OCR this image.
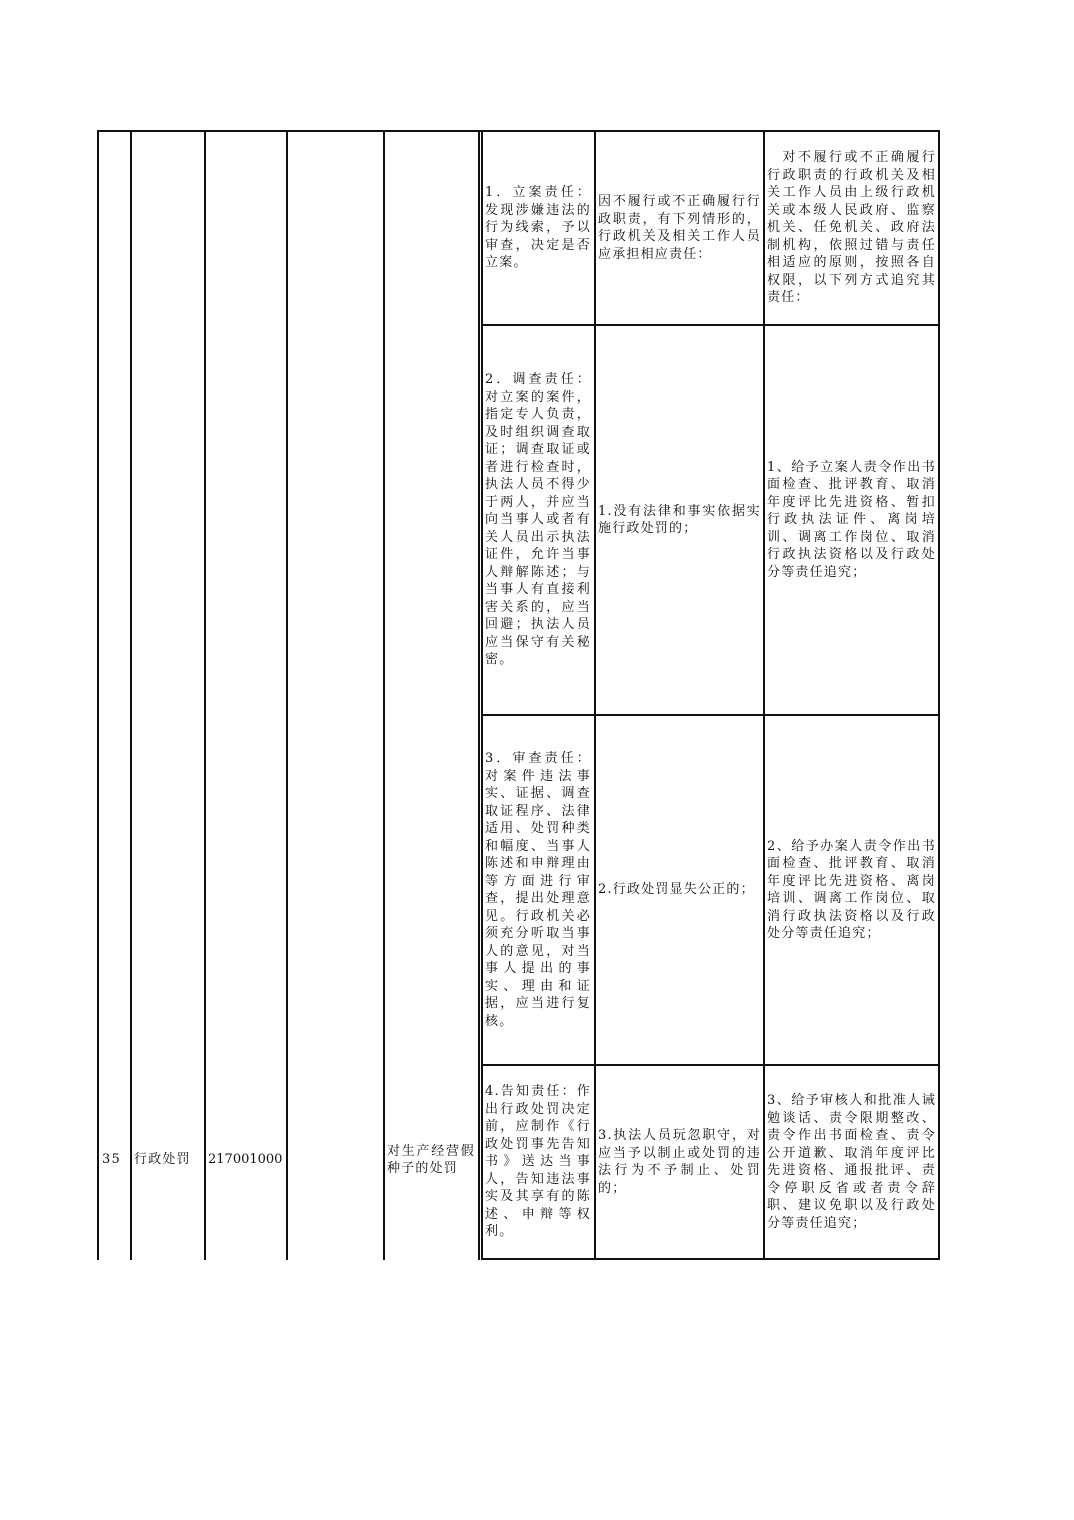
35	行政处罚	217001000
对生产经营假种子的处罚
1．立案责任：发现涉嫌违法的行为线索，予以审查，决定是否立案。
因不履行或不正确履行行政职责，有下列情形的，行政机关及相关工作人员应承担相应责任：
　对不履行或不正确履行行政职责的行政机关及相关工作人员由上级行政机关或本级人民政府、监察机关、任免机关、政府法制机构，依照过错与责任相适应的原则，按照各自权限，以下列方式追究其责任：
2．调查责任：对立案的案件，指定专人负责，及时组织调查取证；调查取证或者进行检查时，执法人员不得少于两人，并应当向当事人或者有关人员出示执法证件，允许当事人辩解陈述；与当事人有直接利害关系的，应当回避；执法人员应当保守有关秘密。
1.没有法律和事实依据实施行政处罚的；
1、给予立案人责令作出书面检查、批评教育、取消年度评比先进资格、暂扣行政执法证件、离岗培训、调离工作岗位、取消行政执法资格以及行政处分等责任追究；
3．审查责任：对案件违法事实、证据、调查取证程序、法律适用、处罚种类和幅度、当事人陈述和申辩理由等方面进行审查，提出处理意见。行政机关必须充分听取当事人的意见，对当事人提出的事实、理由和证据，应当进行复核。
2.行政处罚显失公正的；
2、给予办案人责令作出书面检查、批评教育、取消年度评比先进资格、离岗培训、调离工作岗位、取消行政执法资格以及行政处分等责任追究；
4.告知责任：作出行政处罚决定前，应制作《行政处罚事先告知书》送达当事人，告知违法事实及其享有的陈述、申辩等权利。
3.执法人员玩忽职守，对应当予以制止或处罚的违法行为不予制止、处罚的；
3、给予审核人和批准人诫勉谈话、责令限期整改、责令作出书面检查、责令公开道歉、取消年度评比先进资格、通报批评、责令停职反省或者责令辞职、建议免职以及行政处分等责任追究；
